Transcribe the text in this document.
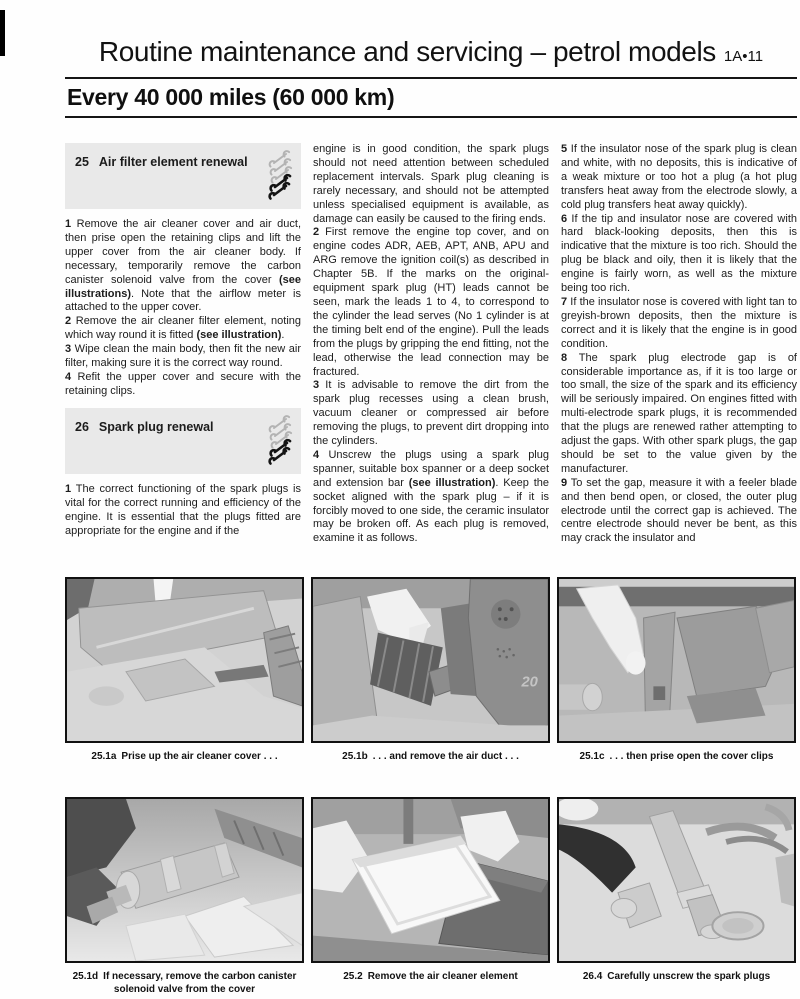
Routine maintenance and servicing – petrol models 1A•11
Every 40 000 miles (60 000 km)
25 Air filter element renewal

1 Remove the air cleaner cover and air duct, then prise open the retaining clips and lift the upper cover from the air cleaner body. If necessary, temporarily remove the carbon canister solenoid valve from the cover (see illustrations). Note that the airflow meter is attached to the upper cover.

2 Remove the air cleaner filter element, noting which way round it is fitted (see illustration).

3 Wipe clean the main body, then fit the new air filter, making sure it is the correct way round.

4 Refit the upper cover and secure with the retaining clips.

26 Spark plug renewal

1 The correct functioning of the spark plugs is vital for the correct running and efficiency of the engine. It is essential that the plugs fitted are appropriate for the engine and if the

engine is in good condition, the spark plugs should not need attention between scheduled replacement intervals. Spark plug cleaning is rarely necessary, and should not be attempted unless specialised equipment is available, as damage can easily be caused to the firing ends.

2 First remove the engine top cover, and on engine codes ADR, AEB, APT, ANB, APU and ARG remove the ignition coil(s) as described in Chapter 5B. If the marks on the original-equipment spark plug (HT) leads cannot be seen, mark the leads 1 to 4, to correspond to the cylinder the lead serves (No 1 cylinder is at the timing belt end of the engine). Pull the leads from the plugs by gripping the end fitting, not the lead, otherwise the lead connection may be fractured.

3 It is advisable to remove the dirt from the spark plug recesses using a clean brush, vacuum cleaner or compressed air before removing the plugs, to prevent dirt dropping into the cylinders.

4 Unscrew the plugs using a spark plug spanner, suitable box spanner or a deep socket and extension bar (see illustration). Keep the socket aligned with the spark plug – if it is forcibly moved to one side, the ceramic insulator may be broken off. As each plug is removed, examine it as follows.

5 If the insulator nose of the spark plug is clean and white, with no deposits, this is indicative of a weak mixture or too hot a plug (a hot plug transfers heat away from the electrode slowly, a cold plug transfers heat away quickly).

6 If the tip and insulator nose are covered with hard black-looking deposits, then this is indicative that the mixture is too rich. Should the plug be black and oily, then it is likely that the engine is fairly worn, as well as the mixture being too rich.

7 If the insulator nose is covered with light tan to greyish-brown deposits, then the mixture is correct and it is likely that the engine is in good condition.

8 The spark plug electrode gap is of considerable importance as, if it is too large or too small, the size of the spark and its efficiency will be seriously impaired. On engines fitted with multi-electrode spark plugs, it is recommended that the plugs are renewed rather attempting to adjust the gaps. With other spark plugs, the gap should be set to the value given by the manufacturer.

9 To set the gap, measure it with a feeler blade and then bend open, or closed, the outer plug electrode until the correct gap is achieved. The centre electrode should never be bent, as this may crack the insulator and

25.1a Prise up the air cleaner cover . . .
20
25.1b . . . and remove the air duct . . .	25.1c . . . then prise open the cover clips
25.1d If necessary, remove the carbon canister solenoid valve from the cover
25.2 Remove the air cleaner element	26.4 Carefully unscrew the spark plugs
